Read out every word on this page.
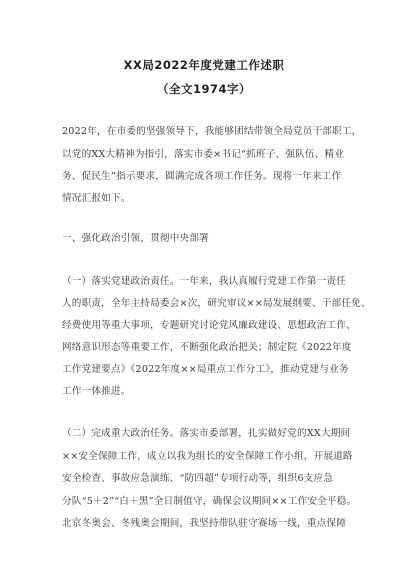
XX局2022年度党建工作述职
（全文1974字）
2022年，在市委的坚强领导下，我能够团结带领全局党员干部职工，
以党的XX大精神为指引，落实市委×书记“抓班子、强队伍、精业
务、促民生”指示要求，圆满完成各项工作任务。现将一年来工作
情况汇报如下。
一、强化政治引领，贯彻中央部署
（一）落实党建政治责任。一年来，我认真履行党建工作第一责任
人的职责，全年主持局委会×次，研究审议××局发展纲要、干部任免、
经费使用等重大事项，专题研究讨论党风廉政建设、思想政治工作、
网络意识形态等重要工作，不断强化政治把关；制定院《2022年度
工作党建要点》《2022年度××局重点工作分工》，推动党建与业务
工作一体推进。
（二）完成重大政治任务。落实市委部署，扎实做好党的XX大期间
××安全保障工作，成立以我为组长的安全保障工作小组，开展道路
安全检查、事故应急演练、“防四超”专项行动等，组织6支应急
分队“5＋2”“白＋黑”全日制值守，确保会议期间××工作安全平稳。
北京冬奥会、冬残奥会期间，我坚持带队驻守赛场一线，重点保障
